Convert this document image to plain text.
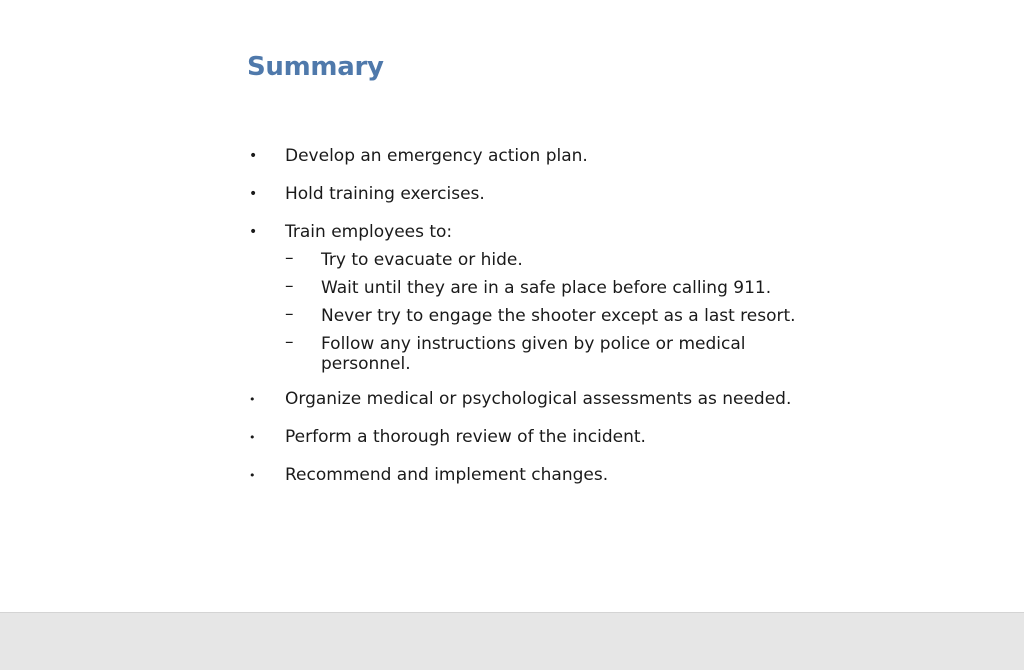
Summary
• Develop an emergency action plan.
• Hold training exercises.
• Train employees to:
– Try to evacuate or hide.
– Wait until they are in a safe place before calling 911.
– Never try to engage the shooter except as a last resort.
– Follow any instructions given by police or medical personnel.
• Organize medical or psychological assessments as needed.
• Perform a thorough review of the incident.
• Recommend and implement changes.
